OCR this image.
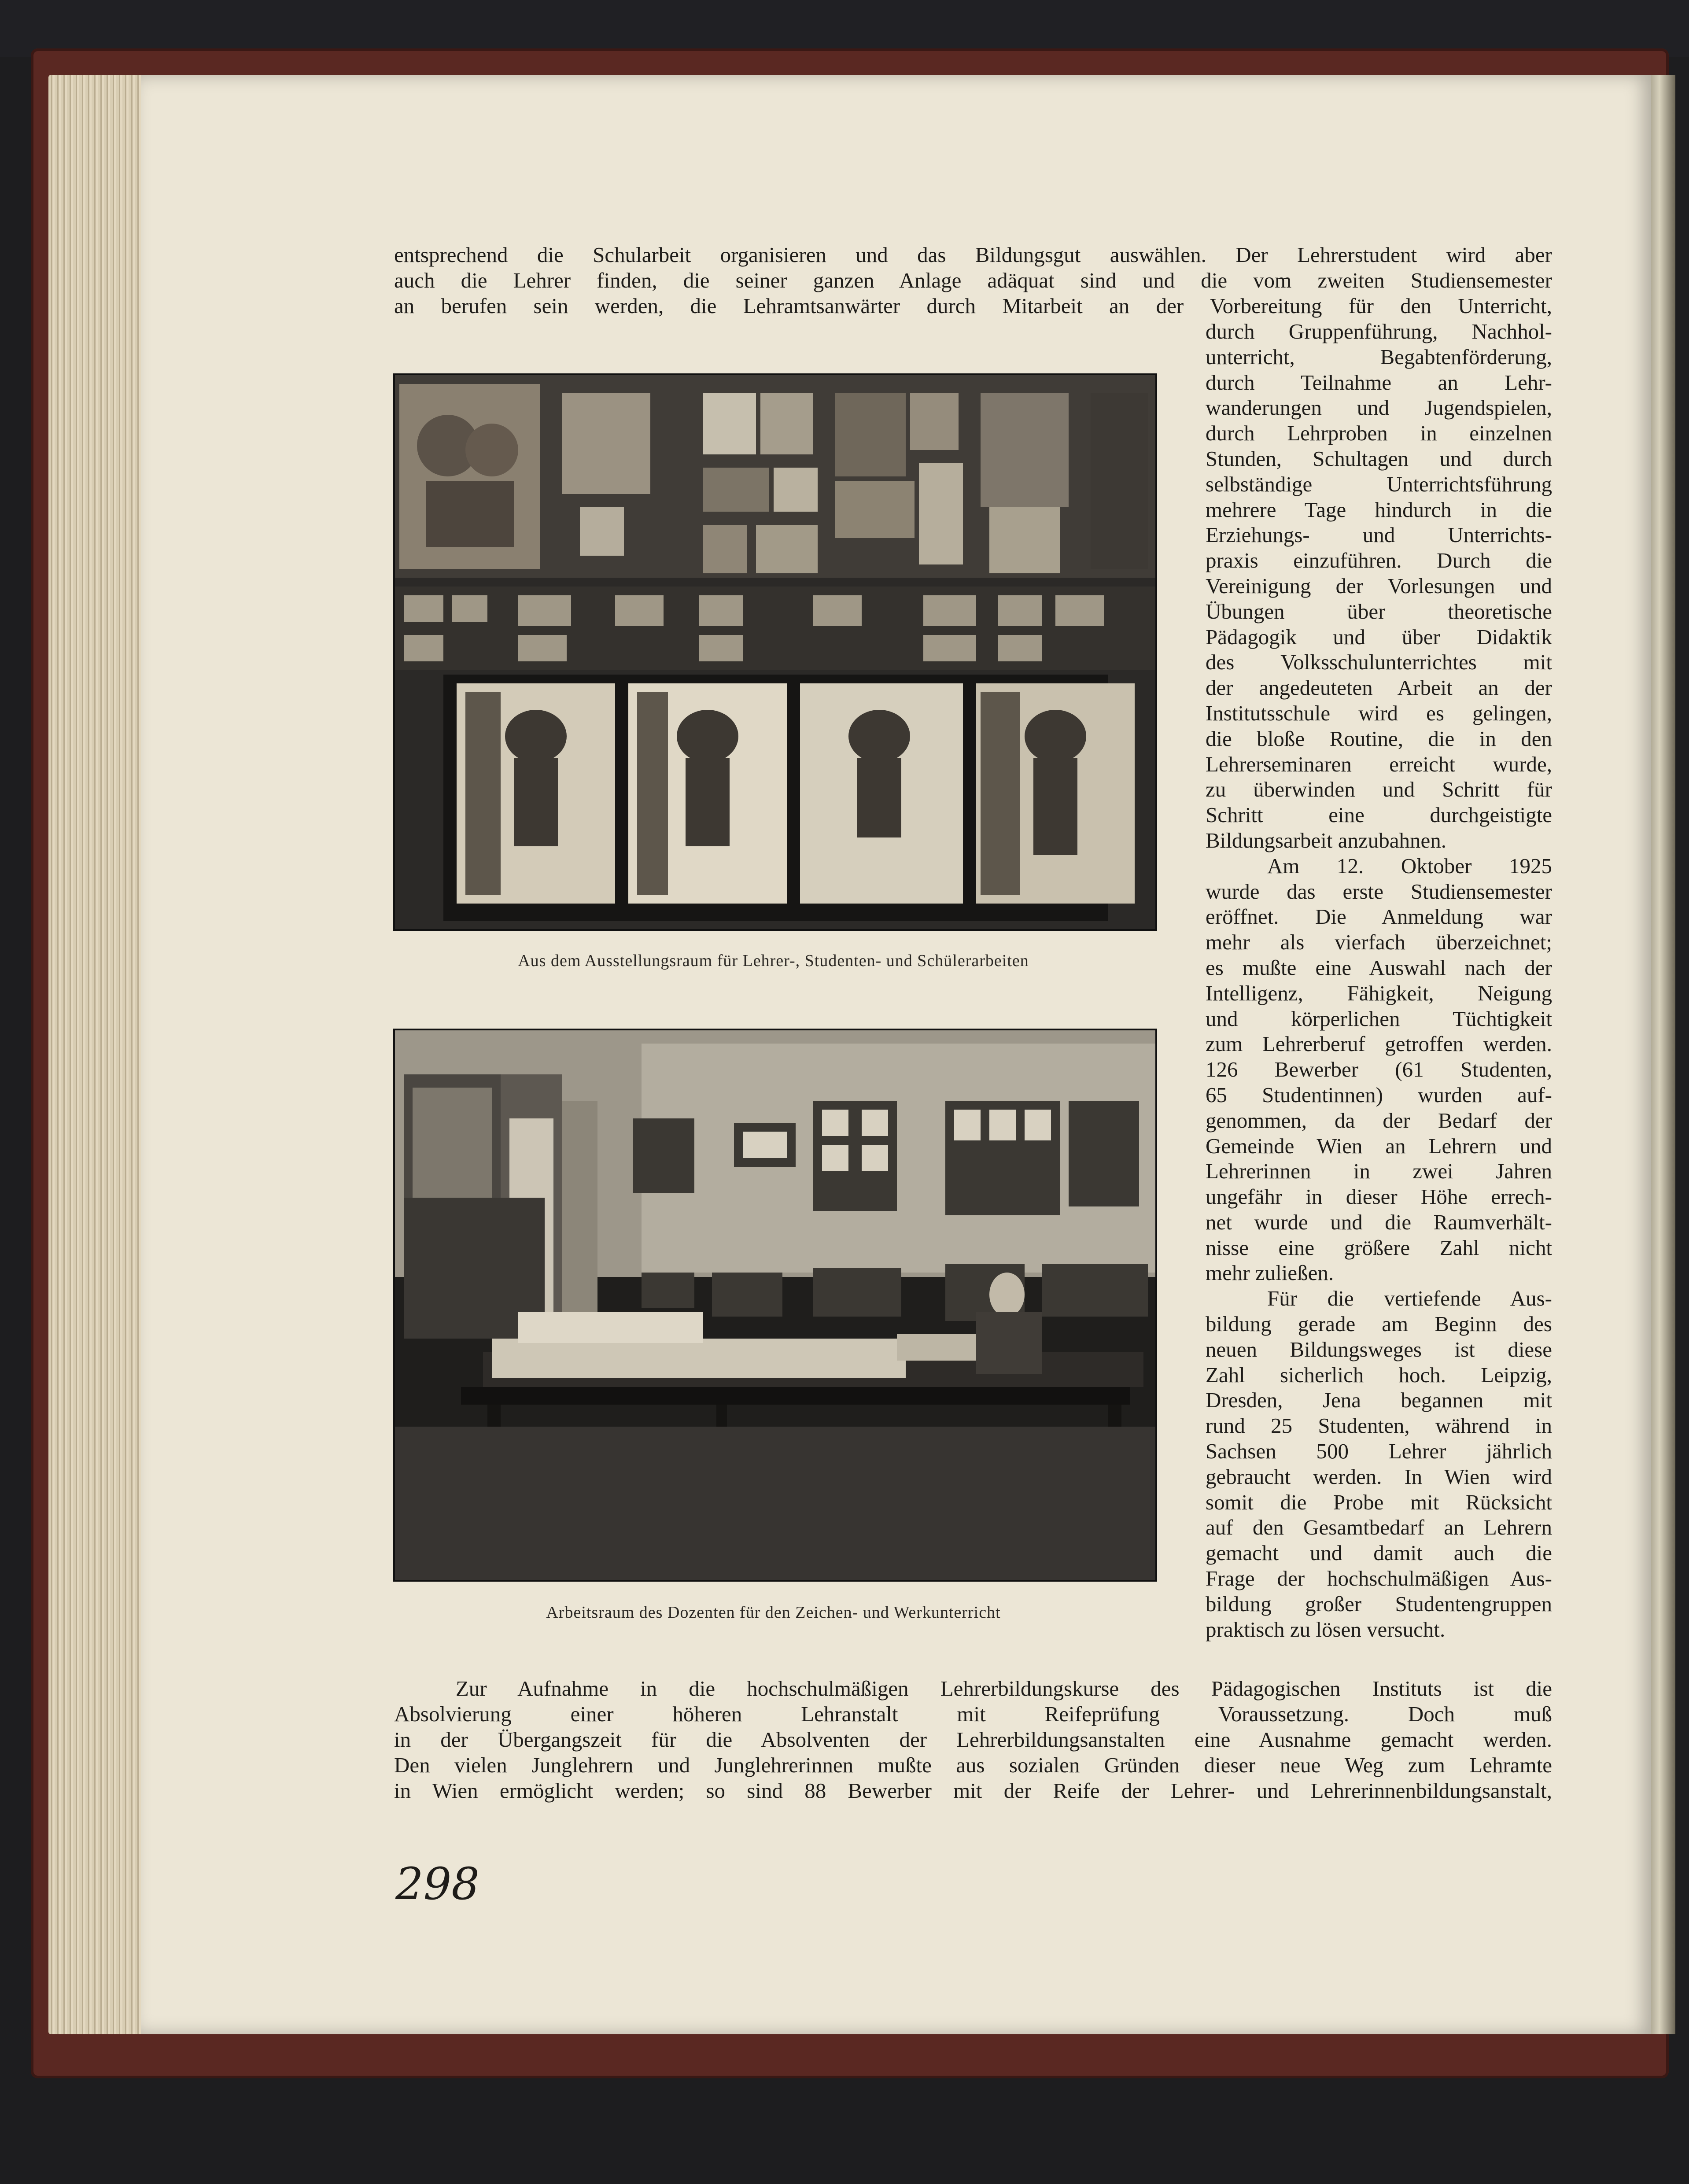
entsprechend die Schularbeit organisieren und das Bildungsgut auswählen. Der Lehrerstudent wird aber
auch die Lehrer finden, die seiner ganzen Anlage adäquat sind und die vom zweiten Studiensemester
an berufen sein werden, die Lehramtsanwärter durch Mitarbeit an der Vorbereitung für den Unterricht,
durch Gruppenführung, Nachhol-
unterricht, Begabtenförderung,
durch Teilnahme an Lehr-
wanderungen und Jugendspielen,
durch Lehrproben in einzelnen
Stunden, Schultagen und durch
selbständige Unterrichtsführung
mehrere Tage hindurch in die
Erziehungs- und Unterrichts-
praxis einzuführen. Durch die
Vereinigung der Vorlesungen und
Übungen über theoretische
Pädagogik und über Didaktik
des Volksschulunterrichtes mit
der angedeuteten Arbeit an der
Institutsschule wird es gelingen,
die bloße Routine, die in den
Lehrerseminaren erreicht wurde,
zu überwinden und Schritt für
Schritt eine durchgeistigte
Bildungsarbeit anzubahnen.
Am 12. Oktober 1925
wurde das erste Studiensemester
eröffnet. Die Anmeldung war
mehr als vierfach überzeichnet;
es mußte eine Auswahl nach der
Intelligenz, Fähigkeit, Neigung
und körperlichen Tüchtigkeit
zum Lehrerberuf getroffen werden.
126 Bewerber (61 Studenten,
65 Studentinnen) wurden auf-
genommen, da der Bedarf der
Gemeinde Wien an Lehrern und
Lehrerinnen in zwei Jahren
ungefähr in dieser Höhe errech-
net wurde und die Raumverhält-
nisse eine größere Zahl nicht
mehr zuließen.
Für die vertiefende Aus-
bildung gerade am Beginn des
neuen Bildungsweges ist diese
Zahl sicherlich hoch. Leipzig,
Dresden, Jena begannen mit
rund 25 Studenten, während in
Sachsen 500 Lehrer jährlich
gebraucht werden. In Wien wird
somit die Probe mit Rücksicht
auf den Gesamtbedarf an Lehrern
gemacht und damit auch die
Frage der hochschulmäßigen Aus-
bildung großer Studentengruppen
praktisch zu lösen versucht.
Aus dem Ausstellungsraum für Lehrer-, Studenten- und Schülerarbeiten
Arbeitsraum des Dozenten für den Zeichen- und Werkunterricht
Zur Aufnahme in die hochschulmäßigen Lehrerbildungskurse des Pädagogischen Instituts ist die
Absolvierung einer höheren Lehranstalt mit Reifeprüfung Voraussetzung. Doch muß
in der Übergangszeit für die Absolventen der Lehrerbildungsanstalten eine Ausnahme gemacht werden.
Den vielen Junglehrern und Junglehrerinnen mußte aus sozialen Gründen dieser neue Weg zum Lehramte
in Wien ermöglicht werden; so sind 88 Bewerber mit der Reife der Lehrer- und Lehrerinnenbildungsanstalt,
298
